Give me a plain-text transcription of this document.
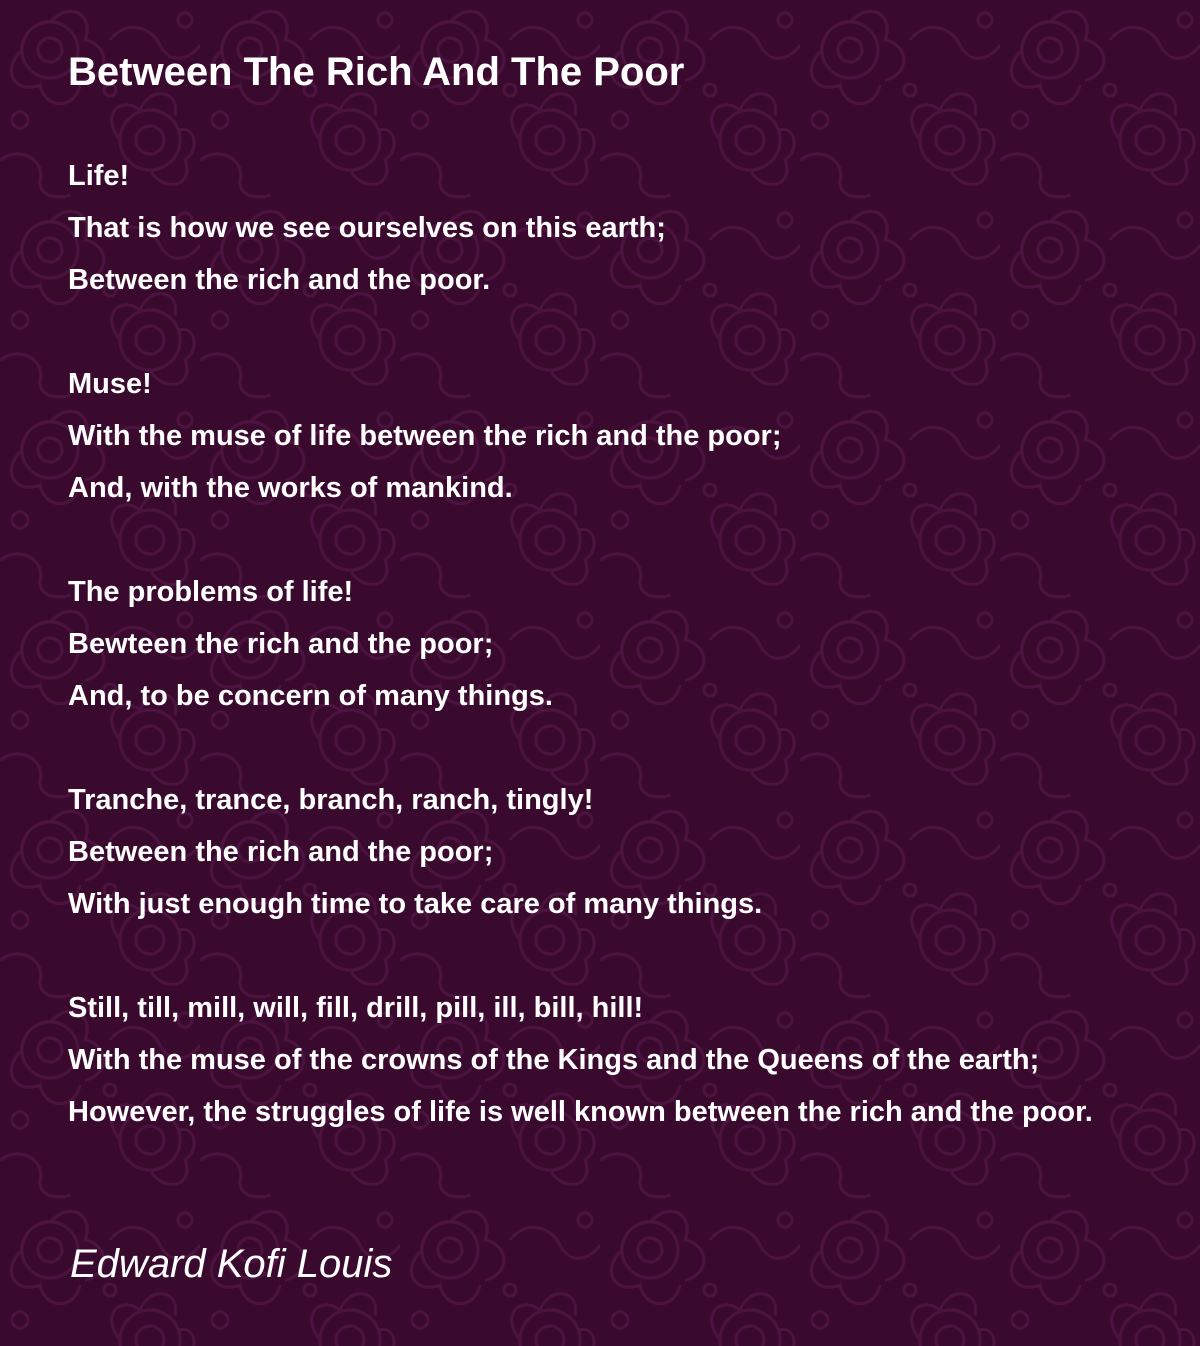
Between The Rich And The Poor
Life!
That is how we see ourselves on this earth;
Between the rich and the poor.
Muse!
With the muse of life between the rich and the poor;
And, with the works of mankind.
The problems of life!
Bewteen the rich and the poor;
And, to be concern of many things.
Tranche, trance, branch, ranch, tingly!
Between the rich and the poor;
With just enough time to take care of many things.
Still, till, mill, will, fill, drill, pill, ill, bill, hill!
With the muse of the crowns of the Kings and the Queens of the earth;
However, the struggles of life is well known between the rich and the poor.

Edward Kofi Louis
